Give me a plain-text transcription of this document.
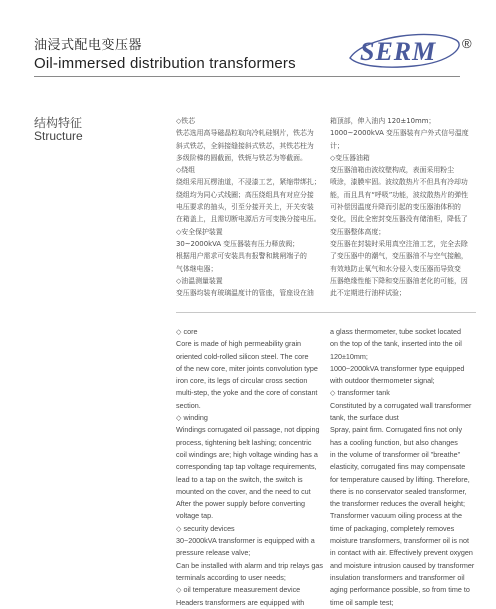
油浸式配电变压器
Oil-immersed distribution transformers SERM ®
结构特征
Structure
◇铁芯
铁芯选用高导磁晶粒取向冷轧硅钢片，铁芯为
斜式铁芯，全斜接缝接斜式铁芯，其铁芯柱为
多级阶梯的圆截面，铁轭与铁芯为等截面。
◇绕组
绕组采用瓦楞油道，不浸漆工艺，紧缩带绑扎；
绕组均为同心式线圈；高压绕组具有对应分接
电压要求的抽头，引至分接开关上，开关安装
在箱盖上，且需切断电源后方可变换分接电压。
◇安全保护装置
30~2000kVA 变压器装有压力释放阀；
根据用户需求可安装具有报警和跳闸端子的
气体继电器；
◇油温测量装置
变压器均装有玻璃温度计的管座，管座设在油
箱顶部，伸入油内 120±10mm；
1000~2000kVA 变压器装有户外式信号温度
计；
◇变压器油箱
变压器油箱由波纹壁构成，表面采用粉尘
喷涂，漆膜牢固。波纹散热片不但具有冷却功
能，而且具有“呼吸”功能，波纹散热片的弹性
可补偿因温度升降而引起的变压器油体积的
变化，因此全密封变压器没有储油柜，降低了
变压器整体高度；
变压器在封装时采用真空注油工艺，完全去除
了变压器中的潮气，变压器油不与空气接触，
有效地防止氧气和水分侵入变压器而导致变
压器绝缘性能下降和变压器油老化的可能，因
此不定期进行油样试验；
◇ core
Core is made of high permeability grain
oriented cold-rolled silicon steel. The core
of the new core, miter joints convolution type
iron core, its legs of circular cross section
multi-step, the yoke and the core of constant
section.
◇ winding
Windings corrugated oil passage, not dipping
process, tightening belt lashing; concentric
coil windings are; high voltage winding has a
corresponding tap tap voltage requirements,
lead to a tap on the switch, the switch is
mounted on the cover, and the need to cut
After the power supply before converting
voltage tap.
◇ security devices
30~2000kVA transformer is equipped with a
pressure release valve;
Can be installed with alarm and trip relays gas
terminals according to user needs;
◇ oil temperature measurement device
Headers transformers are equipped with
a glass thermometer, tube socket located
on the top of the tank, inserted into the oil
120±10mm;
1000~2000kVA transformer type equipped
with outdoor thermometer signal;
◇ transformer tank
Constituted by a corrugated wall transformer
tank, the surface dust
Spray, paint firm. Corrugated fins not only
has a cooling function, but also changes
in the volume of transformer oil "breathe"
elasticity, corrugated fins may compensate
for temperature caused by lifting. Therefore,
there is no conservator sealed transformer,
the transformer reduces the overall height;
Transformer vacuum oiling process at the
time of packaging, completely removes
moisture transformers, transformer oil is not
in contact with air. Effectively prevent oxygen
and moisture intrusion caused by transformer
insulation transformers and transformer oil
aging performance possible, so from time to
time oil sample test;
